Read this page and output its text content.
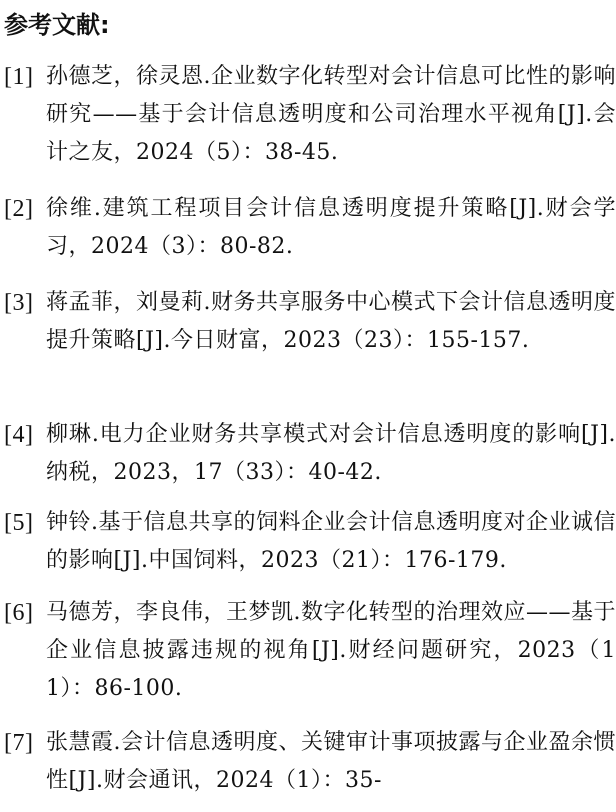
参考文献:
[1] 孙德芝，徐灵恩.企业数字化转型对会计信息可比性的影响研究——基于会计信息透明度和公司治理水平视角[J].会计之友，2024（5）：38-45.
[2] 徐维.建筑工程项目会计信息透明度提升策略[J].财会学习，2024（3）：80-82.
[3] 蒋孟菲，刘曼莉.财务共享服务中心模式下会计信息透明度提升策略[J].今日财富，2023（23）：155-157.
[4] 柳琳.电力企业财务共享模式对会计信息透明度的影响[J].纳税，2023，17（33）：40-42.
[5] 钟铃.基于信息共享的饲料企业会计信息透明度对企业诚信的影响[J].中国饲料，2023（21）：176-179.
[6] 马德芳，李良伟，王梦凯.数字化转型的治理效应——基于企业信息披露违规的视角[J].财经问题研究，2023（11）：86-100.
[7] 张慧霞.会计信息透明度、关键审计事项披露与企业盈余惯性[J].财会通讯，2024（1）：35-
